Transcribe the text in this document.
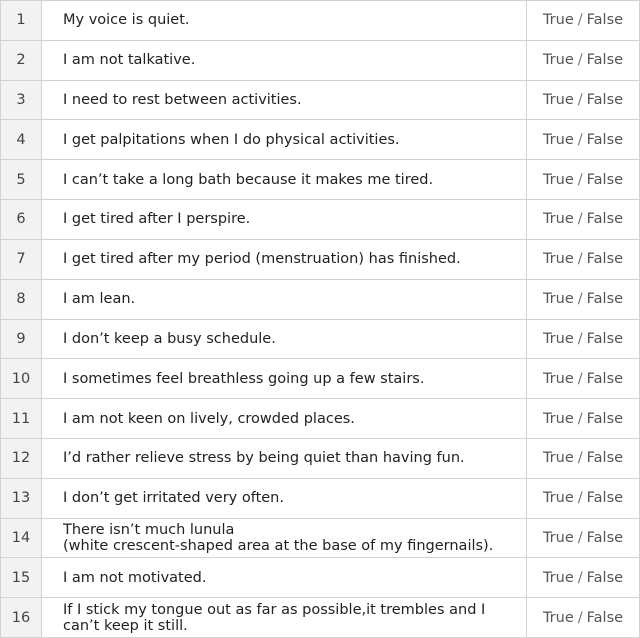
1	My voice is quiet.	True / False
2	I am not talkative.	True / False
3	I need to rest between activities.	True / False
4	I get palpitations when I do physical activities.	True / False
5	I can’t take a long bath because it makes me tired.	True / False
6	I get tired after I perspire.	True / False
7	I get tired after my period (menstruation) has finished.	True / False
8	I am lean.	True / False
9	I don’t keep a busy schedule.	True / False
10	I sometimes feel breathless going up a few stairs.	True / False
11	I am not keen on lively, crowded places.	True / False
12	I’d rather relieve stress by being quiet than having fun.	True / False
13	I don’t get irritated very often.	True / False
14	There isn’t much lunula
(white crescent-shaped area at the base of my fingernails).	True / False
15	I am not motivated.	True / False
16	If I stick my tongue out as far as possible,it trembles and I
can’t keep it still.	True / False
